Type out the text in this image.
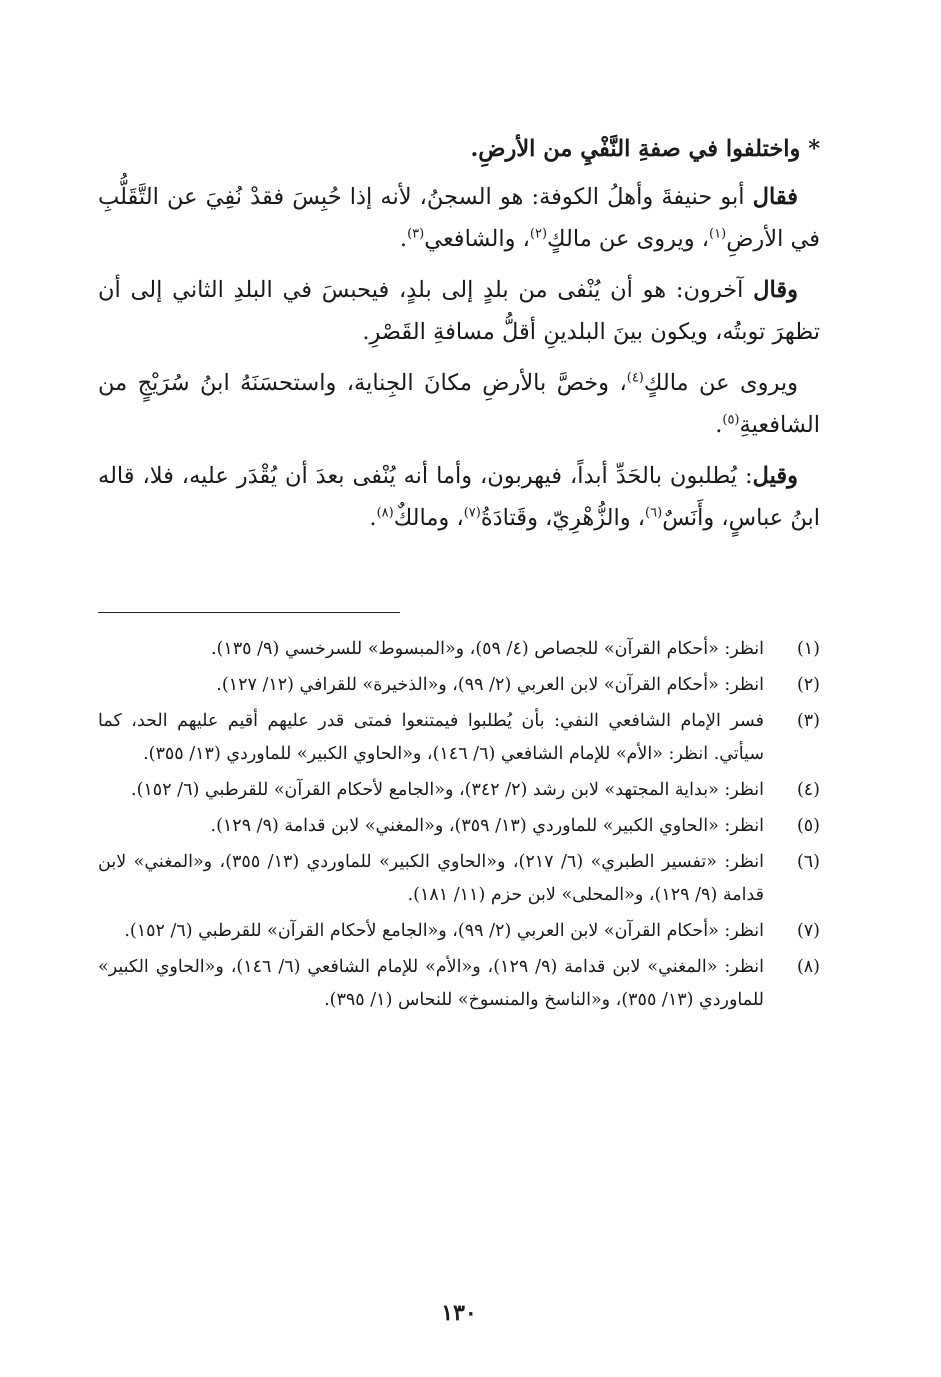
* واختلفوا في صفةِ النَّفْيِ من الأرضِ.

فقال أبو حنيفةَ وأهلُ الكوفة: هو السجنُ، لأنه إذا حُبِسَ فقدْ نُفِيَ عن التَّقَلُّبِ في الأرضِ$^{(١)}$، ويروى عن مالكٍ$^{(٢)}$، والشافعي$^{(٣)}$.

وقال آخرون: هو أن يُنْفى من بلدٍ إلى بلدٍ، فيحبسَ في البلدِ الثاني إلى أن تظهرَ توبتُه، ويكون بينَ البلدينِ أقلُّ مسافةِ القَصْرِ.

ويروى عن مالكٍ$^{(٤)}$، وخصَّ بالأرضِ مكانَ الجِناية، واستحسَنَهُ ابنُ سُرَيْجٍ من الشافعيةِ$^{(٥)}$.

وقيل: يُطلبون بالحَدِّ أبداً، فيهربون، وأما أنه يُنْفى بعدَ أن يُقْدَر عليه، فلا، قاله ابنُ عباسٍ، وأَنَسٌ$^{(٦)}$، والزُّهْرِيّ، وقَتادَةُ$^{(٧)}$، ومالكٌ$^{(٨)}$.

(١)
انظر: «أحكام القرآن» للجصاص (٤/ ٥٩)، و«المبسوط» للسرخسي (٩/ ١٣٥).
(٢)
انظر: «أحكام القرآن» لابن العربي (٢/ ٩٩)، و«الذخيرة» للقرافي (١٢/ ١٢٧).
(٣)
فسر الإمام الشافعي النفي: بأن يُطلبوا فيمتنعوا فمتى قدر عليهم أقيم عليهم الحد، كما سيأتي. انظر: «الأم» للإمام الشافعي (٦/ ١٤٦)، و«الحاوي الكبير» للماوردي (١٣/ ٣٥٥).
(٤)
انظر: «بداية المجتهد» لابن رشد (٢/ ٣٤٢)، و«الجامع لأحكام القرآن» للقرطبي (٦/ ١٥٢).
(٥)
انظر: «الحاوي الكبير» للماوردي (١٣/ ٣٥٩)، و«المغني» لابن قدامة (٩/ ١٢٩).
(٦)
انظر: «تفسير الطبري» (٦/ ٢١٧)، و«الحاوي الكبير» للماوردي (١٣/ ٣٥٥)، و«المغني» لابن قدامة (٩/ ١٢٩)، و«المحلى» لابن حزم (١١/ ١٨١).
(٧)
انظر: «أحكام القرآن» لابن العربي (٢/ ٩٩)، و«الجامع لأحكام القرآن» للقرطبي (٦/ ١٥٢).
(٨)
انظر: «المغني» لابن قدامة (٩/ ١٢٩)، و«الأم» للإمام الشافعي (٦/ ١٤٦)، و«الحاوي الكبير» للماوردي (١٣/ ٣٥٥)، و«الناسخ والمنسوخ» للنحاس (١/ ٣٩٥).
١٣٠
